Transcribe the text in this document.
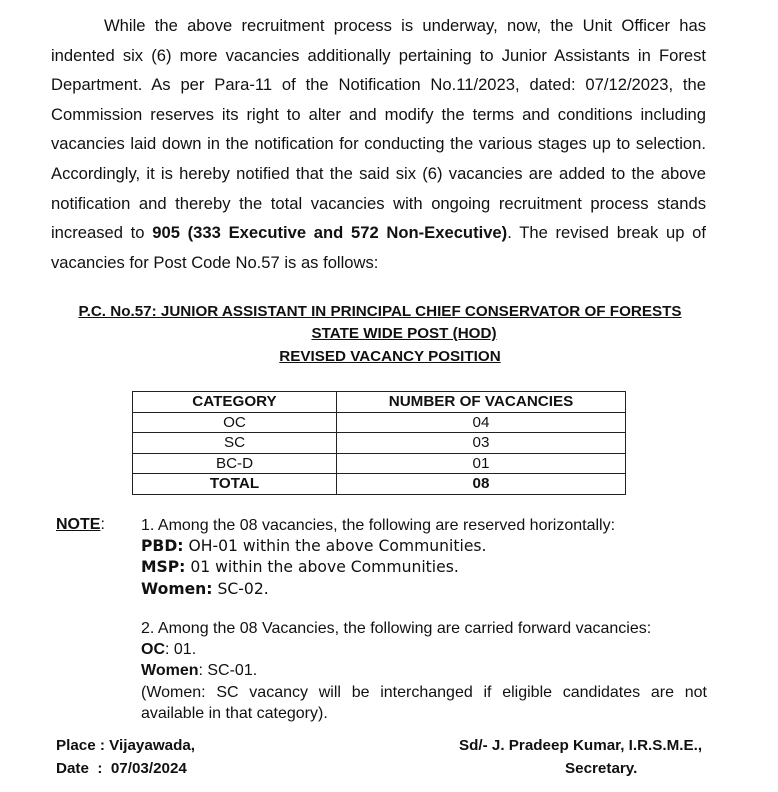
While the above recruitment process is underway, now, the Unit Officer has indented six (6) more vacancies additionally pertaining to Junior Assistants in Forest Department. As per Para-11 of the Notification No.11/2023, dated: 07/12/2023, the Commission reserves its right to alter and modify the terms and conditions including vacancies laid down in the notification for conducting the various stages up to selection. Accordingly, it is hereby notified that the said six (6) vacancies are added to the above notification and thereby the total vacancies with ongoing recruitment process stands increased to 905 (333 Executive and 572 Non-Executive). The revised break up of vacancies for Post Code No.57 is as follows:

P.C. No.57: JUNIOR ASSISTANT IN PRINCIPAL CHIEF CONSERVATOR OF FORESTS
STATE WIDE POST (HOD)
REVISED VACANCY POSITION
CATEGORY	NUMBER OF VACANCIES
OC	04
SC	03
BC-D	01
TOTAL	08
NOTE: 1. Among the 08 vacancies, the following are reserved horizontally:
PBD: OH-01 within the above Communities.
MSP: 01 within the above Communities.
Women: SC-02.
2. Among the 08 Vacancies, the following are carried forward vacancies:
OC: 01.
Women: SC-01.
(Women: SC vacancy will be interchanged if eligible candidates are not available in that category).
Place : Vijayawada,
Date  :  07/03/2024
Sd/- J. Pradeep Kumar, I.R.S.M.E.,
Secretary.
